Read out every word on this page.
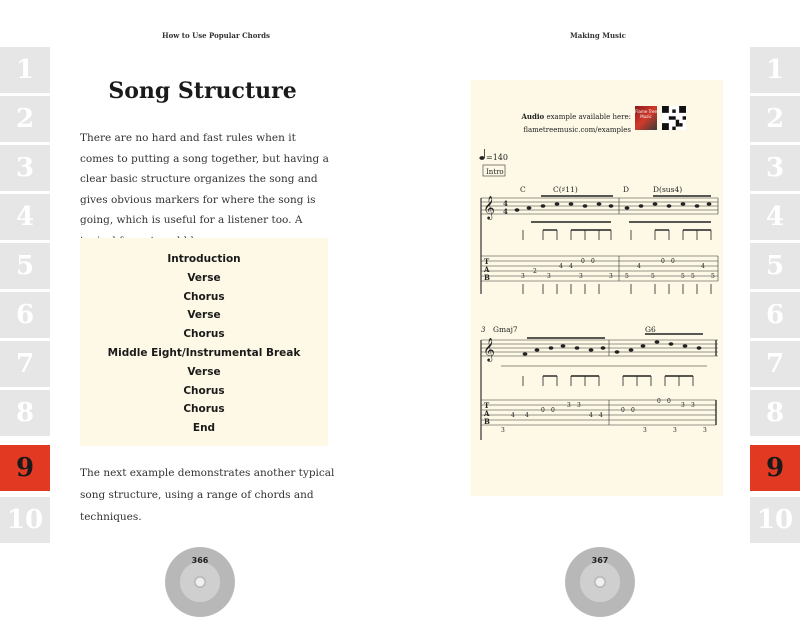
How to Use Popular Chords
1
2
3
4
5
6
7
8
9
10
Song Structure

There are no hard and fast rules when it comes to putting a song together, but having a clear basic structure organizes the song and gives obvious markers for where the song is going, which is useful for a listener too. A

Introduction
Verse
Chorus
Verse
Chorus
Middle Eight/Instrumental Break
Verse
Chorus
Chorus
End

The next example demonstrates another typical song structure, using a range of chords and techniques.

366
Making Music
1
2
3
4
5
6
7
8
9
10
Audio example available here:
flametreemusic.com/examples
Flame Tree Music
=140
Intro
C	C(♯11)	D	D(sus4)
𝄞 4
4
T
A
B	3
2
3
4 4
0 0
3	3 5
4
5
0 0
5 5
4
5
3 Gmaj7	G6
𝄞
T
A
B
4 4
0 0
3 3
4 4
3
0 0
0 0
3 3
3	3	3
367
